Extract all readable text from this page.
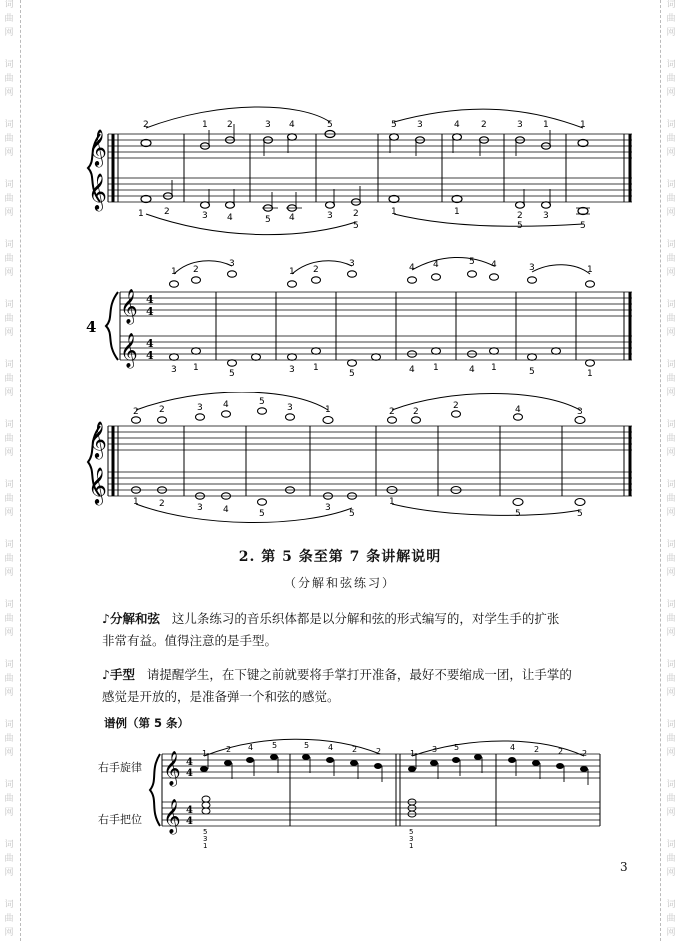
词
曲
网
词
曲
网
词
曲
网
词
曲
网
词
曲
网
词
曲
网
词
曲
网
词
曲
网
词
曲
网
词
曲
网
词
曲
网
词
曲
网
词
曲
网
词
曲
网
词
曲
网
词
曲
网
词
曲
网
词
曲
网
词
曲
网
词
曲
网
词
曲
网
词
曲
网
词
曲
网
词
曲
网
词
曲
网
词
曲
网
词
曲
网
词
曲
网
词
曲
网
词
曲
网
词
曲
网
词
曲
网
𝄞
𝄞
2	1 2	3 4	5	5 3	4 2	3 1	1
1 2	3 4	5 4	3 2	1	1	2 3
5	5
5
4
𝄞
𝄞
4
4
4
4
1 2
3
1 2
3	4 4	5 4	3	1
3 1
5	3 1
5	4 1	4 1	5	1
𝄞
𝄞
2 2	3 4	5
3	2 2
2	4	3
1
1 2	3 4	5
3
5
1
5	5
2. 第 5 条至第 7 条讲解说明
（分解和弦练习）
♪分解和弦 这儿条练习的音乐织体都是以分解和弦的形式编写的，对学生手的扩张
非常有益。值得注意的是手型。
♪手型 请提醒学生，在下键之前就要将手掌打开准备，最好不要缩成一团，让手掌的
感觉是开放的，是准备弹一个和弦的感觉。
谱例（第 5 条）
右手旋律
右手把位
𝄞
𝄞
4
4
4
4
1 2 4 5	5 4 2 2	1 3 5	4 2 2 2
5
3
1
5
3
1
3
